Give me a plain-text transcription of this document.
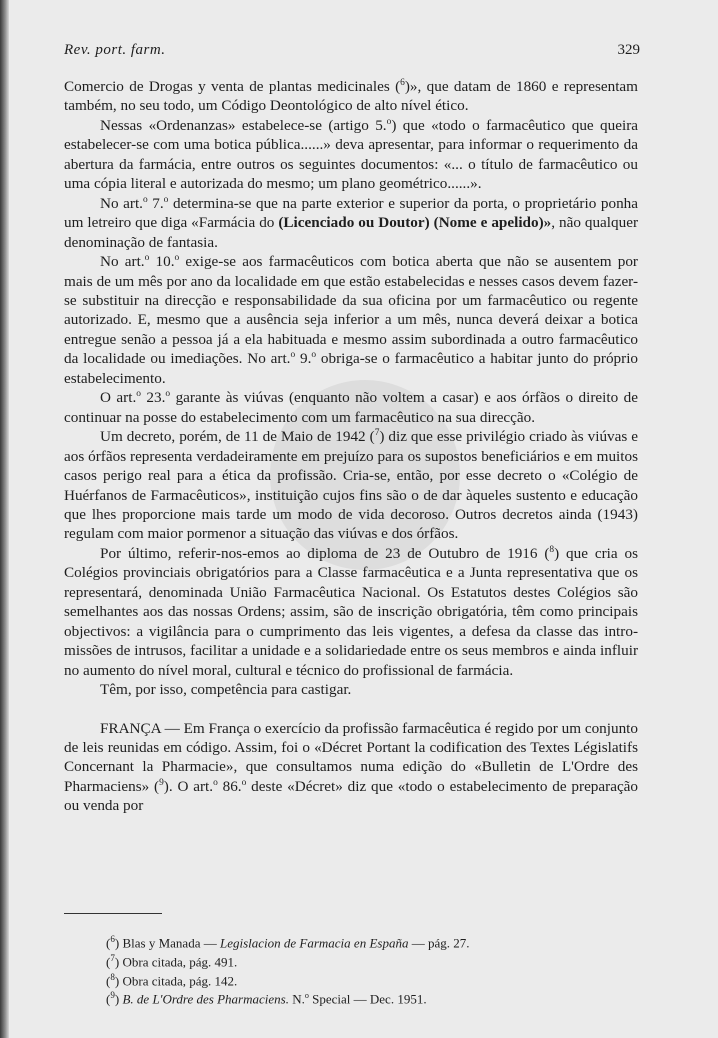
Rev. port. farm.	329

Comercio de Drogas y venta de plantas medicinales ($^6$)», que datam de 1860 e representam também, no seu todo, um Código Deontológico de alto nível ético.

Nessas «Ordenanzas» estabelece-se (artigo 5.$^o$) que «todo o farmacêutico que queira estabelecer-se com uma botica pública......» deva apresentar, para informar o requerimento da abertura da farmácia, entre outros os seguintes documentos: «... o título de farmacêutico ou uma cópia literal e autorizada do mesmo; um plano geométrico......».

No art.$^o$ 7.$^o$ determina-se que na parte exterior e superior da porta, o proprietário ponha um letreiro que diga «Farmácia do (Licenciado ou Doutor) (Nome e apelido)», não qualquer denominação de fantasia.

No art.$^o$ 10.$^o$ exige-se aos farmacêuticos com botica aberta que não se ausentem por mais de um mês por ano da localidade em que estão estabelecidas e nesses casos devem fazer-se substituir na direcção e responsabilidade da sua oficina por um farmacêutico ou regente autorizado. E, mesmo que a ausência seja inferior a um mês, nunca deverá deixar a botica entregue senão a pessoa já a ela habituada e mesmo assim subordinada a outro farmacêutico da localidade ou imediações. No art.$^o$ 9.$^o$ obriga-se o farmacêutico a habitar junto do próprio estabelecimento.

O art.$^o$ 23.$^o$ garante às viúvas (enquanto não voltem a casar) e aos órfãos o direito de continuar na posse do estabelecimento com um farmacêutico na sua direcção.

Um decreto, porém, de 11 de Maio de 1942 ($^7$) diz que esse privilégio criado às viúvas e aos órfãos representa verdadeiramente em prejuízo para os supostos beneficiários e em muitos casos perigo real para a ética da profissão. Cria-se, então, por esse decreto o «Colégio de Huérfanos de Farmacêuticos», instituição cujos fins são o de dar àqueles sustento e educação que lhes proporcione mais tarde um modo de vida decoroso. Outros decretos ainda (1943) regulam com maior pormenor a situação das viúvas e dos órfãos.

Por último, referir-nos-emos ao diploma de 23 de Outubro de 1916 ($^8$) que cria os Colégios provinciais obrigatórios para a Classe farmacêutica e a Junta representativa que os representará, denominada União Farmacêutica Nacional. Os Estatutos destes Colégios são semelhantes aos das nossas Ordens; assim, são de inscrição obrigatória, têm como principais objectivos: a vigilância para o cumprimento das leis vigentes, a defesa da classe das intromissões de intrusos, facilitar a unidade e a solidariedade entre os seus membros e ainda influir no aumento do nível moral, cultural e técnico do profissional de farmácia.

Têm, por isso, competência para castigar.

FRANÇA — Em França o exercício da profissão farmacêutica é regido por um conjunto de leis reunidas em código. Assim, foi o «Décret Portant la codification des Textes Législatifs Concernant la Pharmacie», que consultamos numa edição do «Bulletin de L'Ordre des Pharmaciens» ($^9$). O art.$^o$ 86.$^o$ deste «Décret» diz que «todo o estabelecimento de preparação ou venda por

($^6$) Blas y Manada — Legislacion de Farmacia en España — pág. 27.
($^7$) Obra citada, pág. 491.
($^8$) Obra citada, pág. 142.
($^9$) B. de L'Ordre des Pharmaciens. N.$^o$ Special — Dec. 1951.
